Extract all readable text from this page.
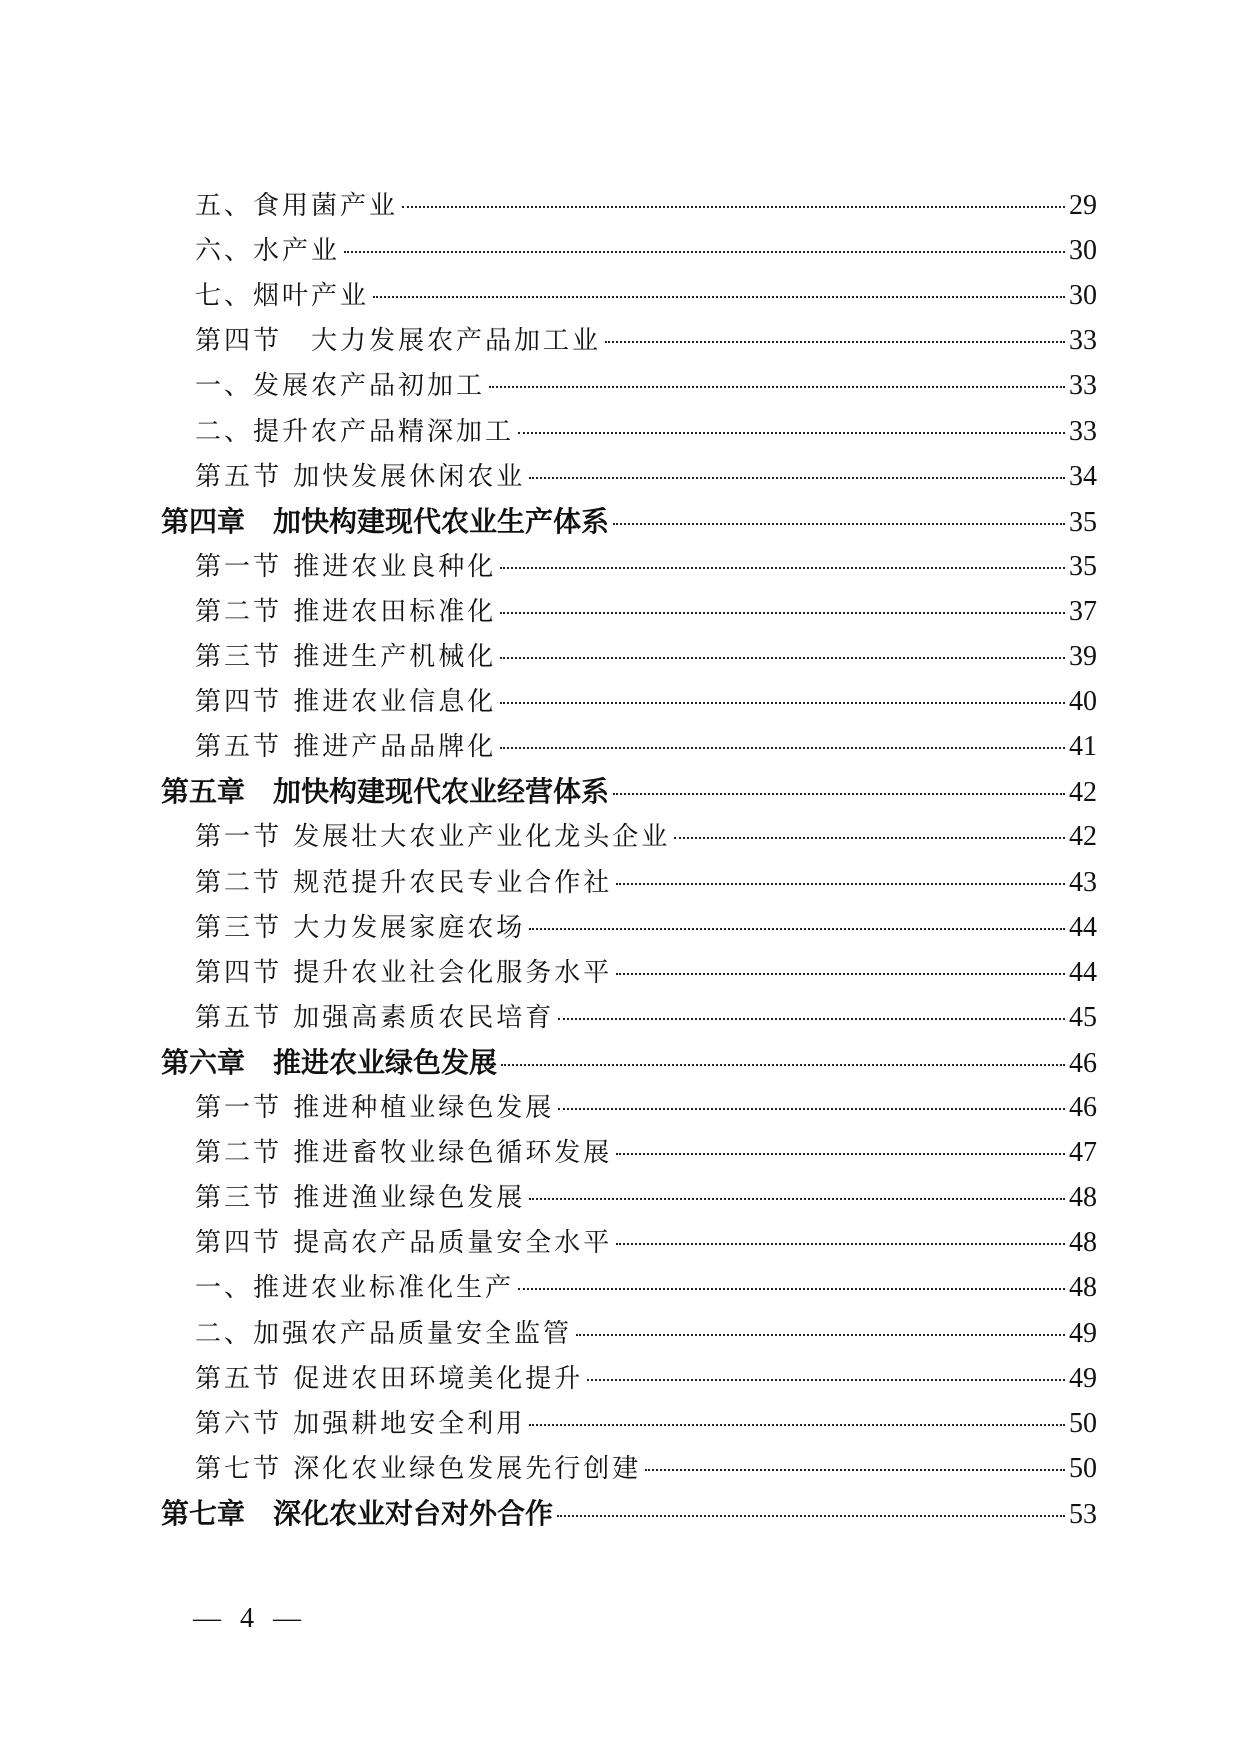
五、食用菌产业	29
六、水产业	30
七、烟叶产业	30
第四节　大力发展农产品加工业	33
一、发展农产品初加工	33
二、提升农产品精深加工	33
第五节 加快发展休闲农业	34
第四章　加快构建现代农业生产体系	35
第一节 推进农业良种化	35
第二节 推进农田标准化	37
第三节 推进生产机械化	39
第四节 推进农业信息化	40
第五节 推进产品品牌化	41
第五章　加快构建现代农业经营体系	42
第一节 发展壮大农业产业化龙头企业	42
第二节 规范提升农民专业合作社	43
第三节 大力发展家庭农场	44
第四节 提升农业社会化服务水平	44
第五节 加强高素质农民培育	45
第六章　推进农业绿色发展	46
第一节 推进种植业绿色发展	46
第二节 推进畜牧业绿色循环发展	47
第三节 推进渔业绿色发展	48
第四节 提高农产品质量安全水平	48
一、推进农业标准化生产	48
二、加强农产品质量安全监管	49
第五节 促进农田环境美化提升	49
第六节 加强耕地安全利用	50
第七节 深化农业绿色发展先行创建	50
第七章　深化农业对台对外合作	53
— 4 —
